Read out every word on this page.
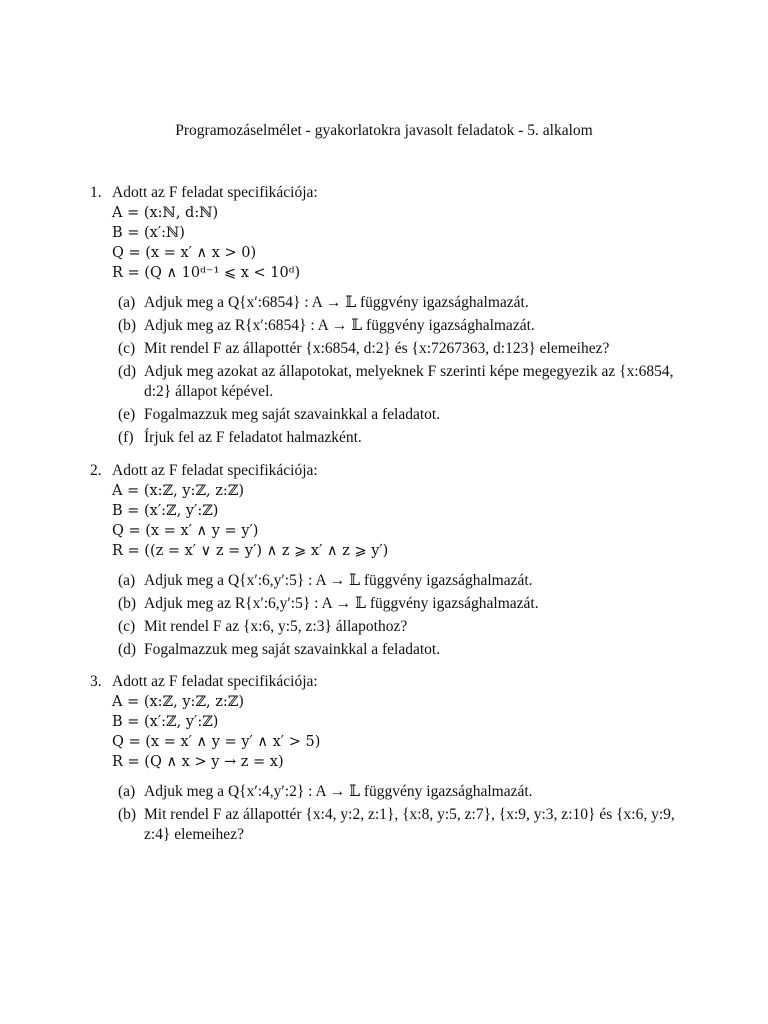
Programozáselmélet - gyakorlatokra javasolt feladatok - 5. alkalom
1. Adott az F feladat specifikációja:
A = (x:ℕ, d:ℕ)
B = (x′:ℕ)
Q = (x = x′ ∧ x > 0)
R = (Q ∧ 10ᵈ⁻¹ ⩽ x < 10ᵈ)
(a) Adjuk meg a Q{x′:6854} : A → 𝕃 függvény igazsághalmazát.
(b) Adjuk meg az R{x′:6854} : A → 𝕃 függvény igazsághalmazát.
(c) Mit rendel F az állapottér {x:6854, d:2} és {x:7267363, d:123} elemeihez?
(d) Adjuk meg azokat az állapotokat, melyeknek F szerinti képe megegyezik az {x:6854, d:2} állapot képével.
(e) Fogalmazzuk meg saját szavainkkal a feladatot.
(f) Írjuk fel az F feladatot halmazként.
2. Adott az F feladat specifikációja:
A = (x:ℤ, y:ℤ, z:ℤ)
B = (x′:ℤ, y′:ℤ)
Q = (x = x′ ∧ y = y′)
R = ((z = x′ ∨ z = y′) ∧ z ⩾ x′ ∧ z ⩾ y′)
(a) Adjuk meg a Q{x′:6,y′:5} : A → 𝕃 függvény igazsághalmazát.
(b) Adjuk meg az R{x′:6,y′:5} : A → 𝕃 függvény igazsághalmazát.
(c) Mit rendel F az {x:6, y:5, z:3} állapothoz?
(d) Fogalmazzuk meg saját szavainkkal a feladatot.
3. Adott az F feladat specifikációja:
A = (x:ℤ, y:ℤ, z:ℤ)
B = (x′:ℤ, y′:ℤ)
Q = (x = x′ ∧ y = y′ ∧ x′ > 5)
R = (Q ∧ x > y → z = x)
(a) Adjuk meg a Q{x′:4,y′:2} : A → 𝕃 függvény igazsághalmazát.
(b) Mit rendel F az állapottér {x:4, y:2, z:1}, {x:8, y:5, z:7}, {x:9, y:3, z:10} és {x:6, y:9, z:4} elemeihez?
